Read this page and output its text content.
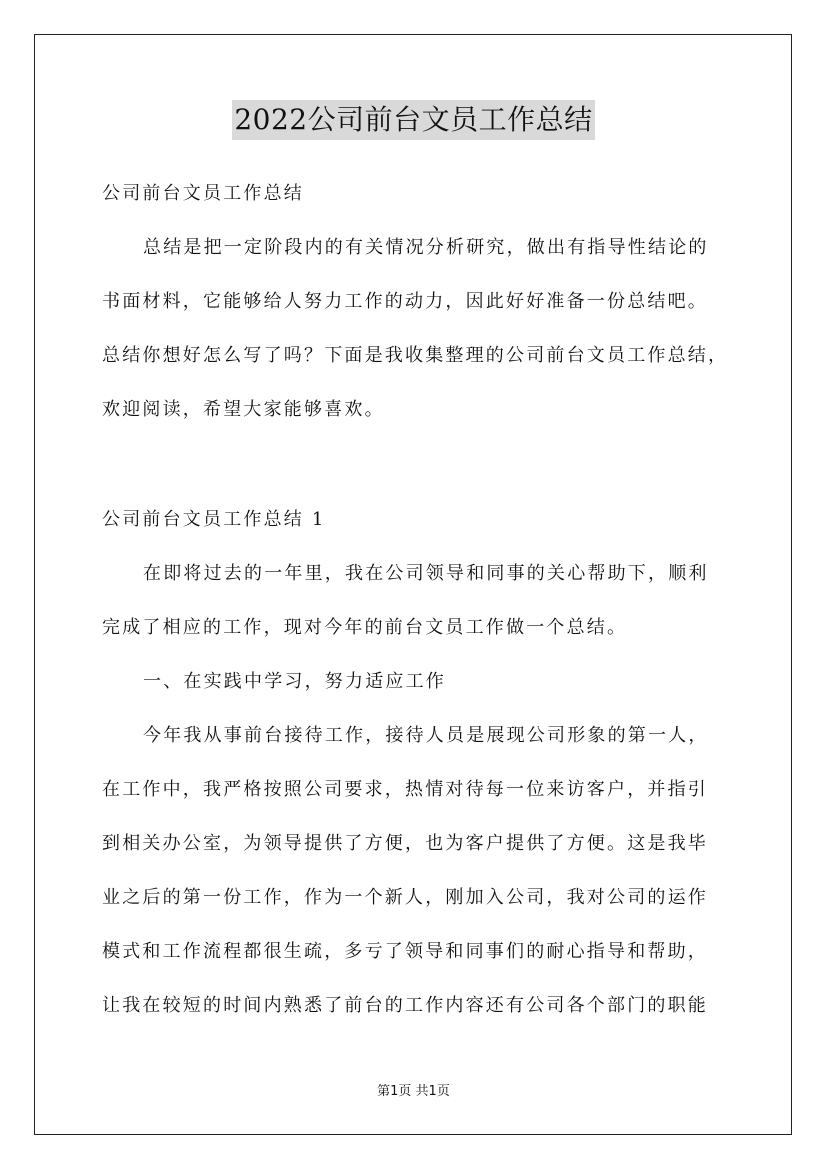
2022公司前台文员工作总结
公司前台文员工作总结
总结是把一定阶段内的有关情况分析研究，做出有指导性结论的
书面材料，它能够给人努力工作的动力，因此好好准备一份总结吧。
总结你想好怎么写了吗？下面是我收集整理的公司前台文员工作总结，
欢迎阅读，希望大家能够喜欢。
公司前台文员工作总结 1
在即将过去的一年里，我在公司领导和同事的关心帮助下，顺利
完成了相应的工作，现对今年的前台文员工作做一个总结。
一、在实践中学习，努力适应工作
今年我从事前台接待工作，接待人员是展现公司形象的第一人，
在工作中，我严格按照公司要求，热情对待每一位来访客户，并指引
到相关办公室，为领导提供了方便，也为客户提供了方便。这是我毕
业之后的第一份工作，作为一个新人，刚加入公司，我对公司的运作
模式和工作流程都很生疏，多亏了领导和同事们的耐心指导和帮助，
让我在较短的时间内熟悉了前台的工作内容还有公司各个部门的职能
第1页 共1页
